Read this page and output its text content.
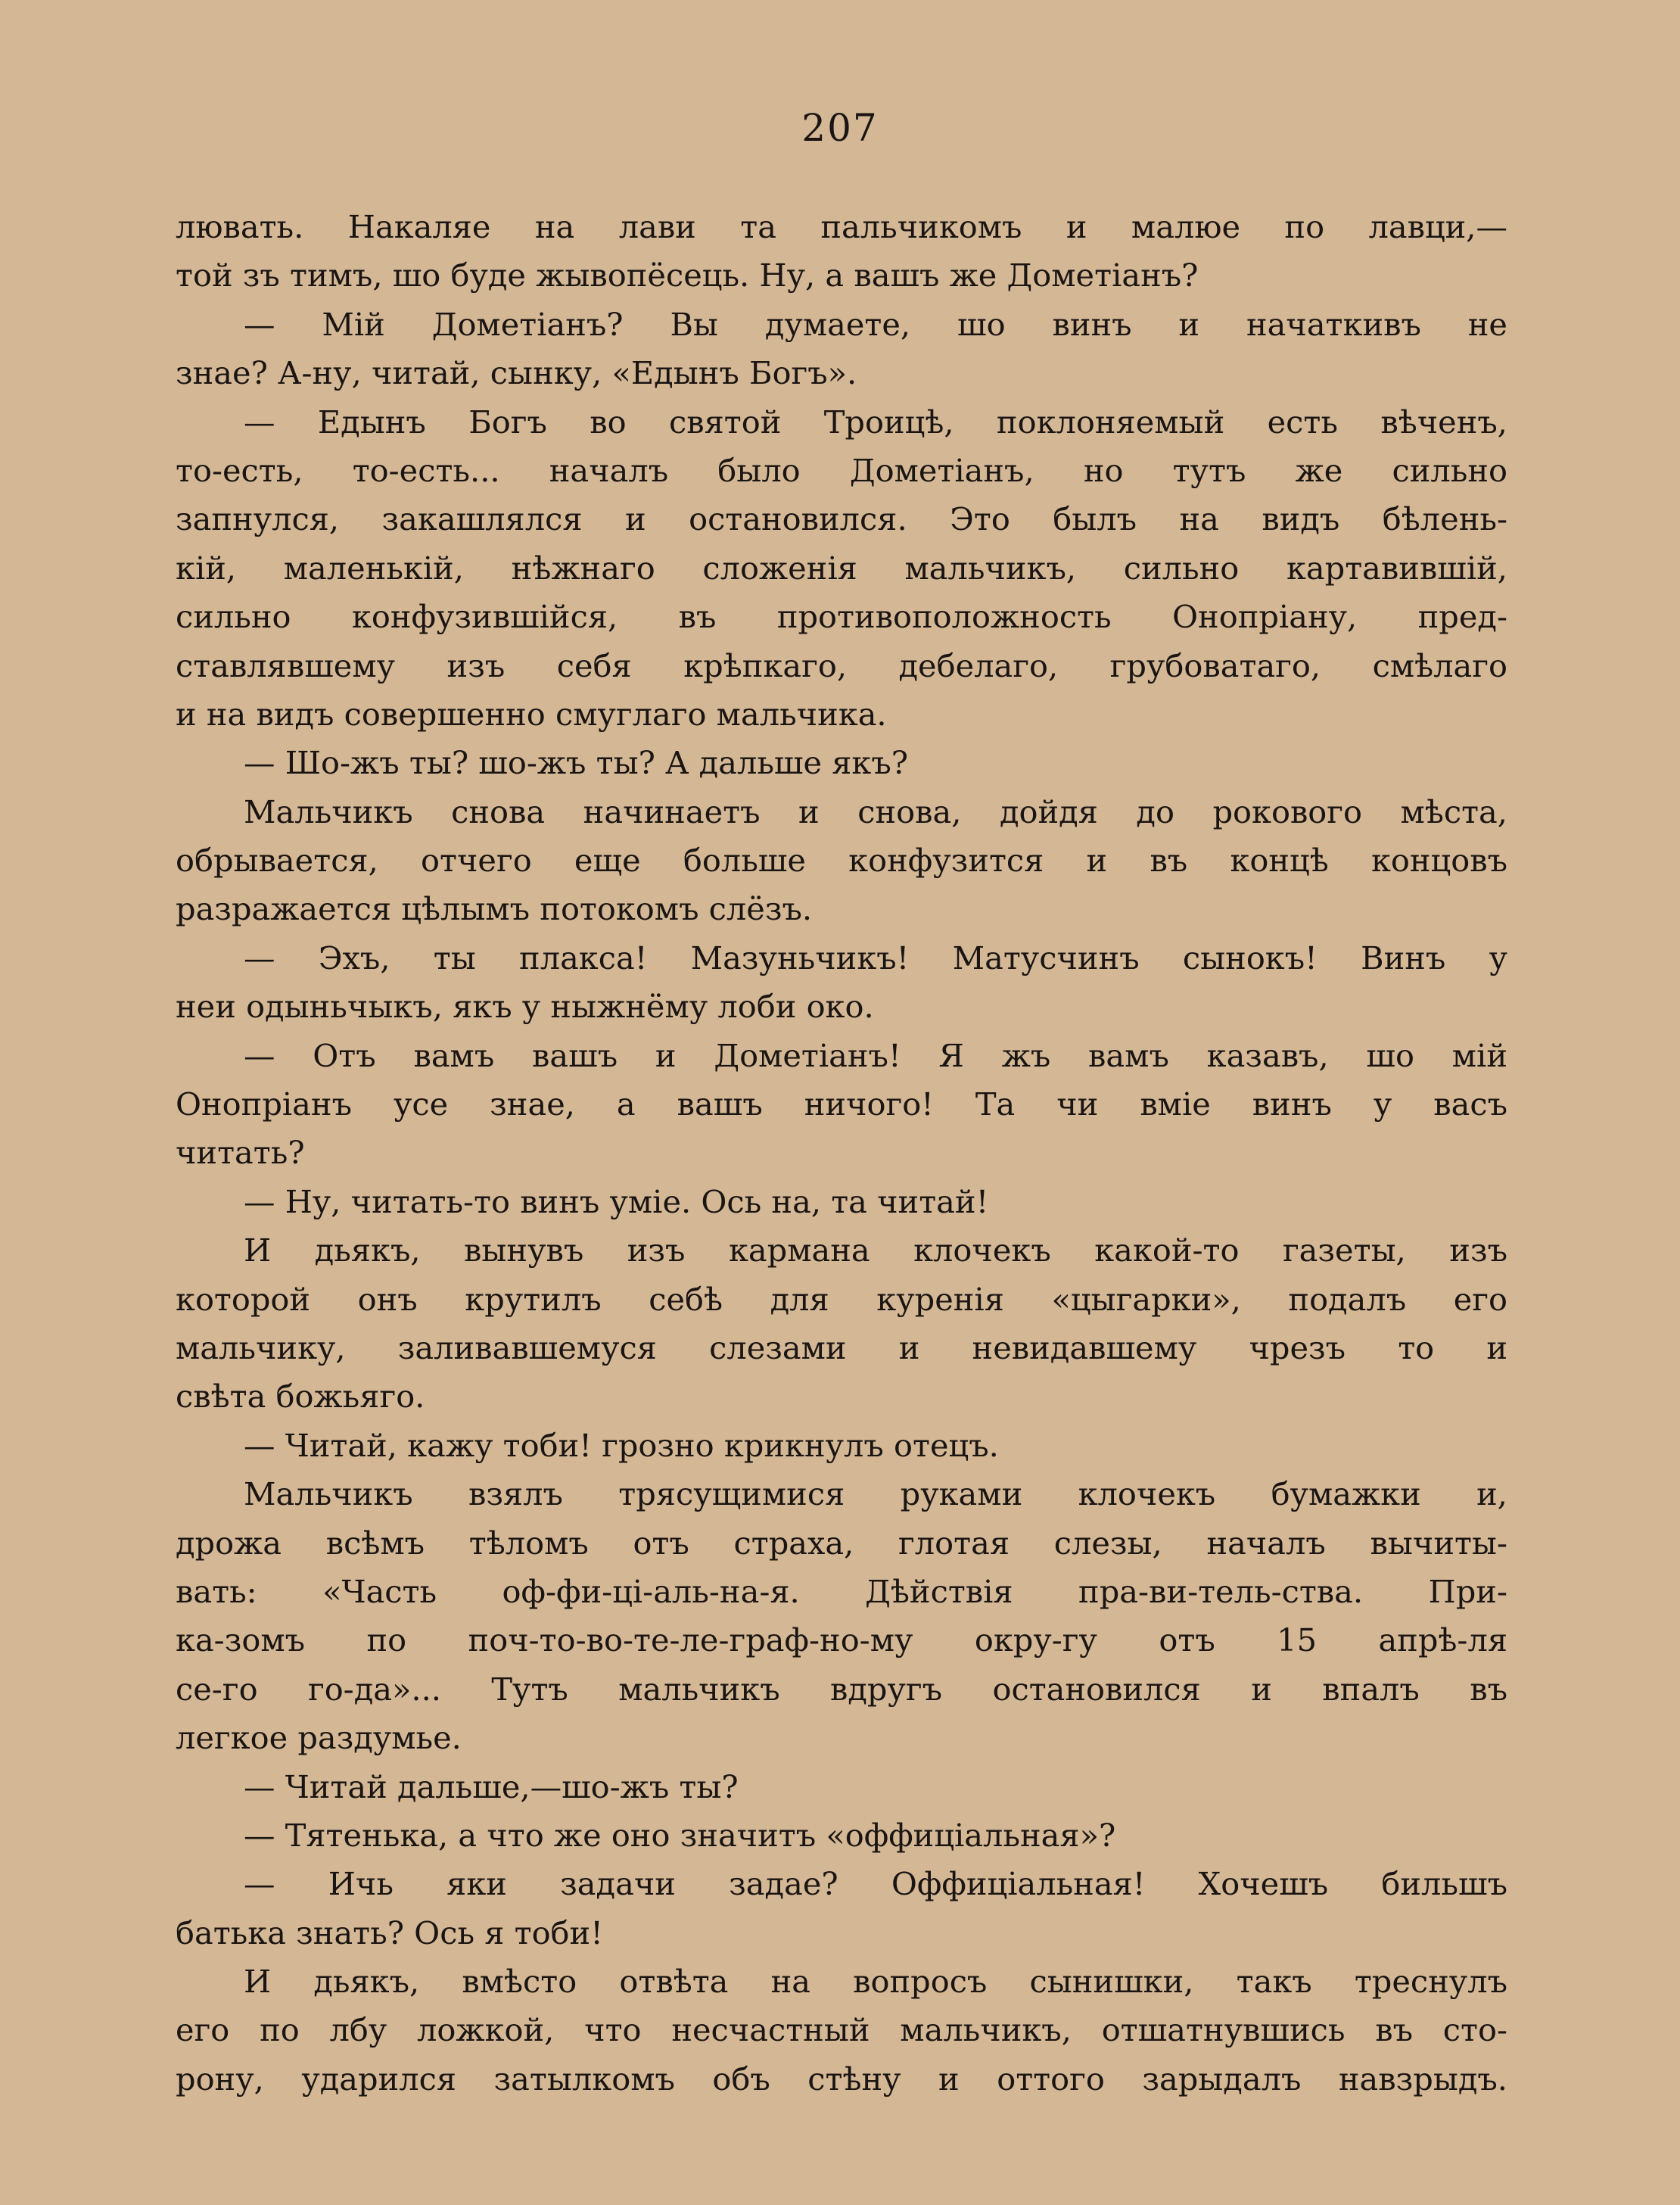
207
лювать. Накаляе на лави та пальчикомъ и малюе по лавци,—
той зъ тимъ, шо буде жывопёсець. Ну, а вашъ же Дометіанъ?
— Мій Дометіанъ? Вы думаете, шо винъ и начаткивъ не
знае? А-ну, читай, сынку, «Едынъ Богъ».
— Едынъ Богъ во святой Троицѣ, поклоняемый есть вѣченъ,
то-есть, то-есть... началъ было Дометіанъ, но тутъ же сильно
запнулся, закашлялся и остановился. Это былъ на видъ бѣлень-
кій, маленькій, нѣжнаго сложенія мальчикъ, сильно картавившій,
сильно конфузившійся, въ противоположность Онопріану, пред-
ставлявшему изъ себя крѣпкаго, дебелаго, грубоватаго, смѣлаго
и на видъ совершенно смуглаго мальчика.
— Шо-жъ ты? шо-жъ ты? А дальше якъ?
Мальчикъ снова начинаетъ и снова, дойдя до рокового мѣста,
обрывается, отчего еще больше конфузится и въ концѣ концовъ
разражается цѣлымъ потокомъ слёзъ.
— Эхъ, ты плакса! Мазуньчикъ! Матусчинъ сынокъ! Винъ у
неи одыньчыкъ, якъ у ныжнёму лоби око.
— Отъ вамъ вашъ и Дометіанъ! Я жъ вамъ казавъ, шо мій
Онопріанъ усе знае, а вашъ ничого! Та чи вміе винъ у васъ
читать?
— Ну, читать-то винъ уміе. Ось на, та читай!
И дьякъ, вынувъ изъ кармана клочекъ какой-то газеты, изъ
которой онъ крутилъ себѣ для куренія «цыгарки», подалъ его
мальчику, заливавшемуся слезами и невидавшему чрезъ то и
свѣта божьяго.
— Читай, кажу тоби! грозно крикнулъ отецъ.
Мальчикъ взялъ трясущимися руками клочекъ бумажки и,
дрожа всѣмъ тѣломъ отъ страха, глотая слезы, началъ вычиты-
вать: «Часть оф-фи-ці-аль-на-я. Дѣйствія пра-ви-тель-ства. При-
ка-зомъ по поч-то-во-те-ле-граф-но-му окру-гу отъ 15 апрѣ-ля
се-го го-да»... Тутъ мальчикъ вдругъ остановился и впалъ въ
легкое раздумье.
— Читай дальше,—шо-жъ ты?
— Тятенька, а что же оно значитъ «оффиціальная»?
— Ичь яки задачи задае? Оффиціальная! Хочешъ бильшъ
батька знать? Ось я тоби!
И дьякъ, вмѣсто отвѣта на вопросъ сынишки, такъ треснулъ
его по лбу ложкой, что несчастный мальчикъ, отшатнувшись въ сто-
рону, ударился затылкомъ объ стѣну и оттого зарыдалъ навзрыдъ.
